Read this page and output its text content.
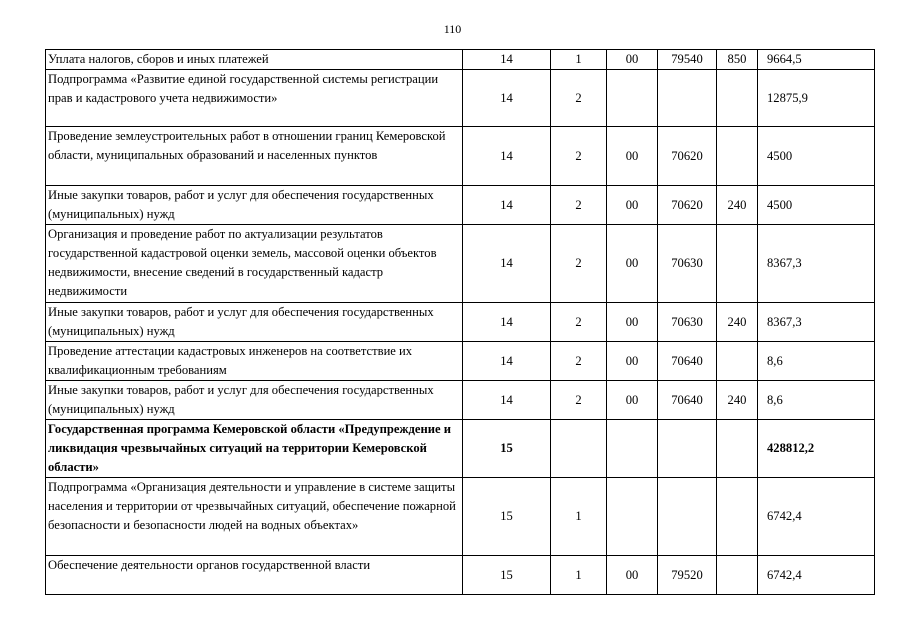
110
Уплата налогов, сборов и иных платежей	14	1	00	79540	850	9664,5
Подпрограмма «Развитие единой государственной системы регистрации прав и кадастрового учета недвижимости»	14	2				12875,9
Проведение землеустроительных работ в отношении границ Кемеровской области, муниципальных образований и населенных пунктов	14	2	00	70620		4500
Иные закупки товаров, работ и услуг для обеспечения государственных (муниципальных) нужд	14	2	00	70620	240	4500
Организация и проведение работ по актуализации результатов государственной кадастровой оценки земель, массовой оценки объектов недвижимости, внесение сведений в государственный кадастр недвижимости	14	2	00	70630		8367,3
Иные закупки товаров, работ и услуг для обеспечения государственных (муниципальных) нужд	14	2	00	70630	240	8367,3
Проведение аттестации кадастровых инженеров на соответствие их квалификационным требованиям	14	2	00	70640		8,6
Иные закупки товаров, работ и услуг для обеспечения государственных (муниципальных) нужд	14	2	00	70640	240	8,6
Государственная программа Кемеровской области «Предупреждение и ликвидация чрезвычайных ситуаций на территории Кемеровской области»	15					428812,2
Подпрограмма «Организация деятельности и управление в системе защиты населения и территории от чрезвычайных ситуаций, обеспечение пожарной безопасности и безопасности людей на водных объектах»	15	1				6742,4
Обеспечение деятельности органов государственной власти	15	1	00	79520		6742,4
